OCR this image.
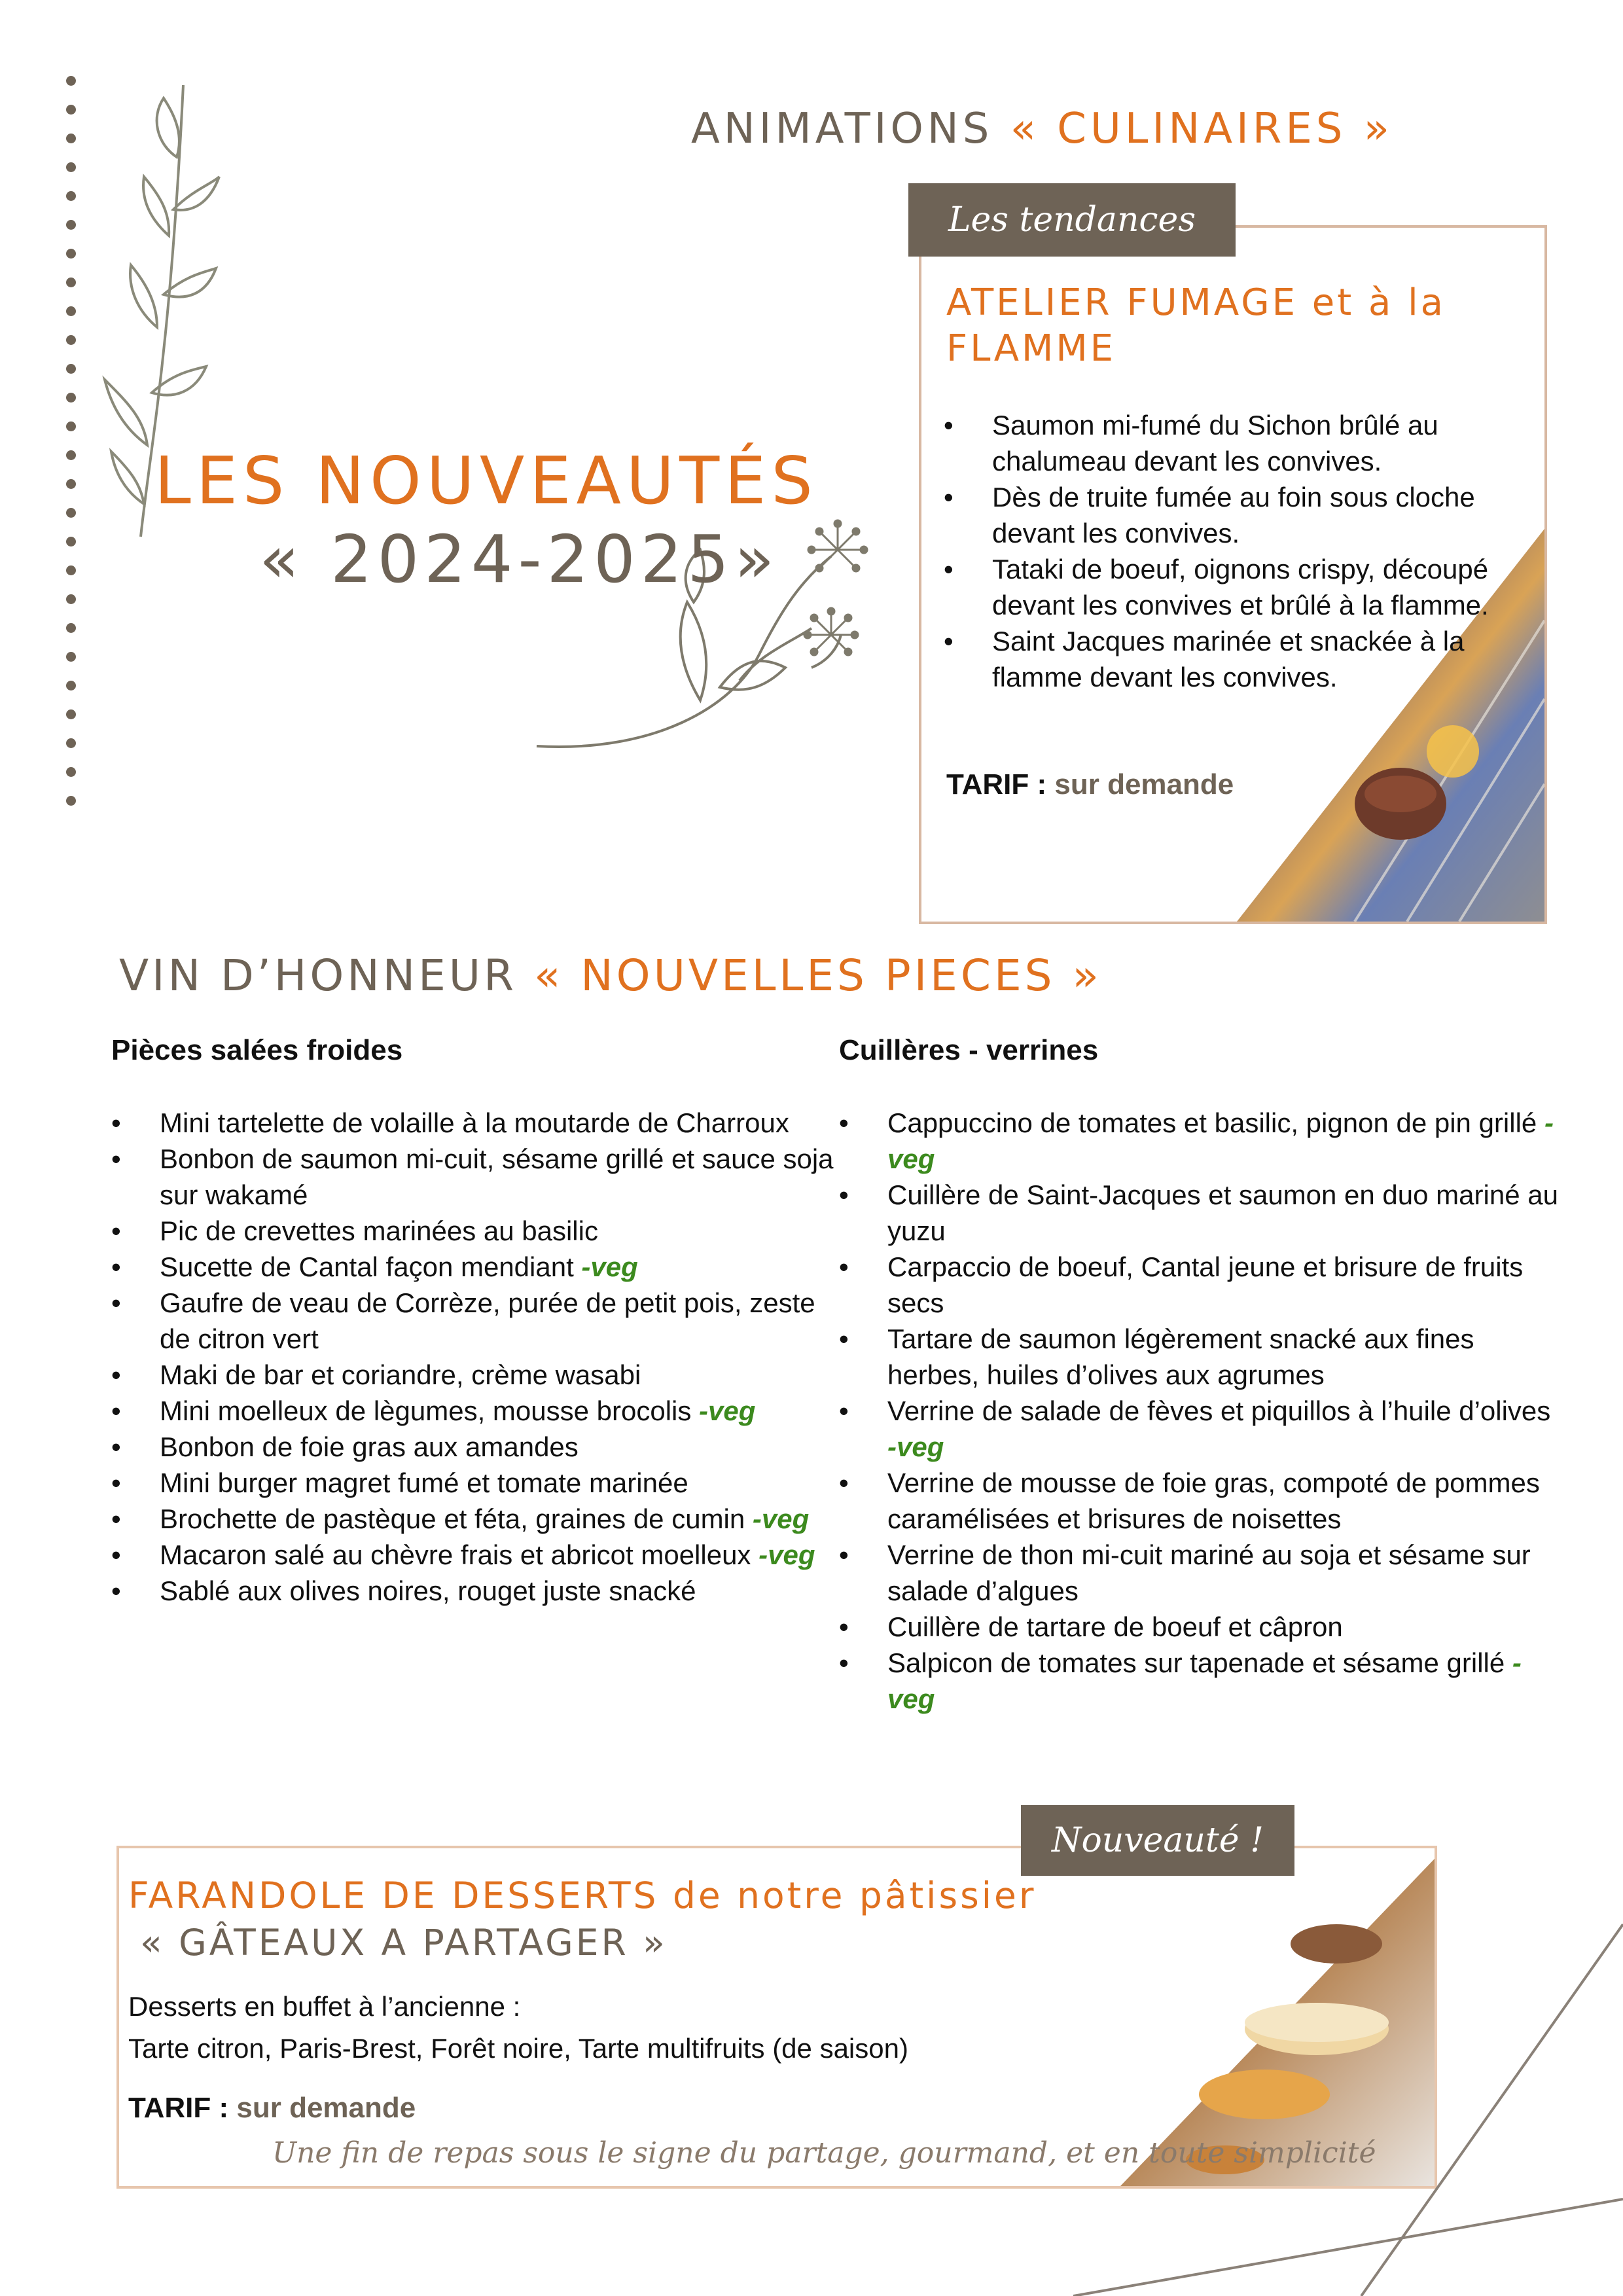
ANIMATIONS « CULINAIRES »
LES NOUVEAUTÉS
« 2024-2025»
Les tendances
ATELIER FUMAGE et à la FLAMME
• Saumon mi-fumé du Sichon brûlé au chalumeau devant les convives.
• Dès de truite fumée au foin sous cloche devant les convives.
• Tataki de boeuf, oignons crispy, découpé devant les convives et brûlé à la flamme.
• Saint Jacques marinée et snackée à la flamme devant les convives.
TARIF : sur demande
VIN D’HONNEUR « NOUVELLES PIECES »
Pièces salées froides	Cuillères - verrines
• Mini tartelette de volaille à la moutarde de Charroux
• Bonbon de saumon mi-cuit, sésame grillé et sauce soja sur wakamé
• Pic de crevettes marinées au basilic
• Sucette de Cantal façon mendiant -veg
• Gaufre de veau de Corrèze, purée de petit pois, zeste de citron vert
• Maki de bar et coriandre, crème wasabi
• Mini moelleux de lègumes, mousse brocolis -veg
• Bonbon de foie gras aux amandes
• Mini burger magret fumé et tomate marinée
• Brochette de pastèque et féta, graines de cumin -veg
• Macaron salé au chèvre frais et abricot moelleux -veg
• Sablé aux olives noires, rouget juste snacké
• Cappuccino de tomates et basilic, pignon de pin grillé -veg
• Cuillère de Saint-Jacques et saumon en duo mariné au yuzu
• Carpaccio de boeuf, Cantal jeune et brisure de fruits secs
• Tartare de saumon légèrement snacké aux fines herbes, huiles d’olives aux agrumes
• Verrine de salade de fèves et piquillos à l’huile d’olives -veg
• Verrine de mousse de foie gras, compoté de pommes caramélisées et brisures de noisettes
• Verrine de thon mi-cuit mariné au soja et sésame sur salade d’algues
• Cuillère de tartare de boeuf et câpron
• Salpicon de tomates sur tapenade et sésame grillé -veg
Nouveauté !
FARANDOLE DE DESSERTS de notre pâtissier
« GÂTEAUX A PARTAGER »
Desserts en buffet à l’ancienne :
Tarte citron, Paris-Brest, Forêt noire, Tarte multifruits (de saison)
TARIF : sur demande
Une fin de repas sous le signe du partage, gourmand, et en toute simplicité
